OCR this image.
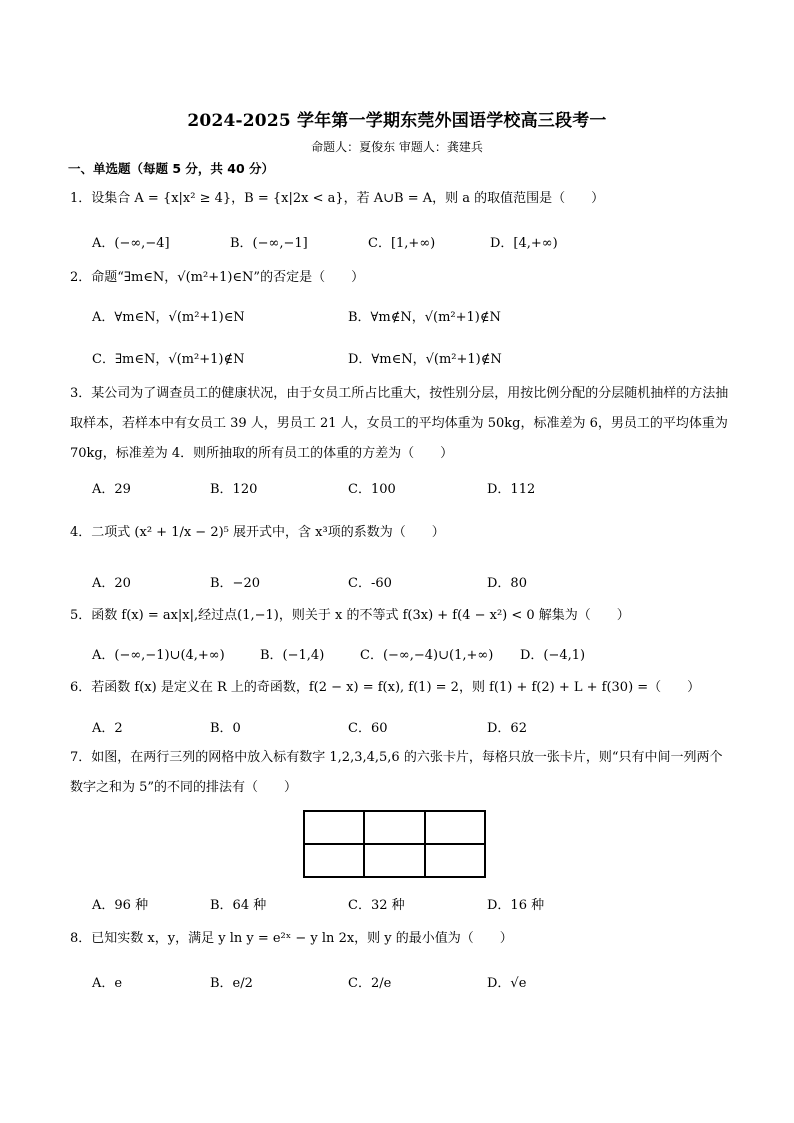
2024-2025 学年第一学期东莞外国语学校高三段考一
命题人：夏俊东 审题人：龚建兵
一、单选题（每题 5 分，共 40 分）
1．设集合 A = {x|x² ≥ 4}，B = {x|2x < a}，若 A∪B = A，则 a 的取值范围是（　　）
A．(−∞,−4]	B．(−∞,−1]	C．[1,+∞)	D．[4,+∞)
2．命题“∃m∈N，√(m²+1)∈N”的否定是（　　）
A．∀m∈N，√(m²+1)∈N	B．∀m∉N，√(m²+1)∉N
C．∃m∈N，√(m²+1)∉N	D．∀m∈N，√(m²+1)∉N
3．某公司为了调查员工的健康状况，由于女员工所占比重大，按性别分层，用按比例分配的分层随机抽样的方法抽取样本，若样本中有女员工 39 人，男员工 21 人，女员工的平均体重为 50kg，标准差为 6，男员工的平均体重为 70kg，标准差为 4．则所抽取的所有员工的体重的方差为（　　）
A．29	B．120	C．100	D．112
4．二项式 (x² + 1/x − 2)⁵ 展开式中，含 x³项的系数为（　　）
A．20	B．−20	C．-60	D．80
5．函数 f(x) = ax|x|,经过点(1,−1)，则关于 x 的不等式 f(3x) + f(4 − x²) < 0 解集为（　　）
A．(−∞,−1)∪(4,+∞)	B．(−1,4)	C．(−∞,−4)∪(1,+∞) D．(−4,1)
6．若函数 f(x) 是定义在 R 上的奇函数，f(2 − x) = f(x), f(1) = 2，则 f(1) + f(2) + L + f(30) =（　　）
A．2	B．0	C．60	D．62
7．如图，在两行三列的网格中放入标有数字 1,2,3,4,5,6 的六张卡片，每格只放一张卡片，则“只有中间一列两个数字之和为 5”的不同的排法有（　　）
A．96 种	B．64 种	C．32 种	D．16 种
8．已知实数 x，y，满足 y ln y = e²ˣ − y ln 2x，则 y 的最小值为（　　）
A．e	B．e/2	C．2/e	D．√e
